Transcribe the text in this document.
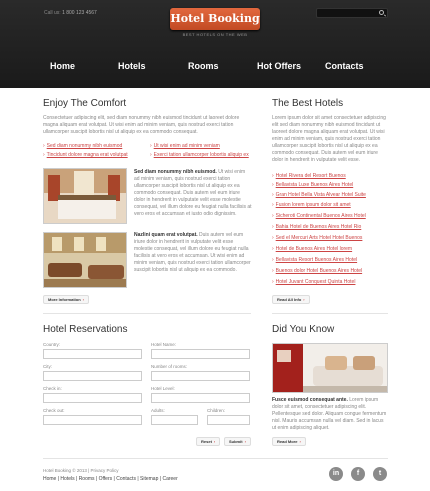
Call us: 1 800 123 4567	Hotel Booking
BEST HOTELS ON THE WEB
Home	Hotels	Rooms	Hot Offers	Contacts
Enjoy The Comfort
Consectetuer adipiscing elit, sed diam nonummy nibh euismod tincidunt ut laoreet dolore magna aliquam erat volutpat. Ut wisi enim ad minim veniam, quis nostrud exerci tation ullamcorper suscipit lobortis nisl ut aliquip ex ea commodo consequat.
› Sed diam nonummy nibh euismod	› Ut wisi enim ad minim veniam
› Tincidunt dolore magna erat volutpat	› Exerci tation ullamcorper lobortis aliquip ex
Sed diam nonummy nibh euismod. Ut wisi enim ad minim veniam, quis nostrud exerci tation ullamcorper suscipit lobortis nisl ut aliquip ex ea commodo consequat. Duis autem vel eum iriure dolor in hendrerit in vulputate velit esse molestie consequat, vel illum dolore eu feugiat nulla facilisis at vero eros et accumsan et iusto odio dignissim.
Nazlini quam erat volutpat. Duis autem vel eum iriure dolor in hendrerit in vulputate velit esse molestie consequat, vel illum dolore eu feugiat nulla facilisis at vero eros et accumsan. Ut wisi enim ad minim veniam, quis nostrud exerci tation ullamcorper suscipit lobortis nisl ut aliquip ex ea commodo.
More Information ›
The Best Hotels
Lorem ipsum dolor sit amet consectetuer adipiscing elit sed diam nonummy nibh euismod tincidunt ut laoreet dolore magna aliquam erat volutpat. Ut wisi enim ad minim veniam, quis nostrud exerci tation ullamcorper suscipit lobortis nisl ut aliquip ex ea commodo consequat. Duis autem vel eum iriure dolor in hendrerit in vulputate velit esse.
› Hotel Rivera del Resort Buenos
› Bellavista Luxe Buenos Aires Hotel
› Gran Hotel Bella Vista Alvear Hotel Suite
› Fusion lorem ipsum dolor sit amet
› Sicheroti Continental Buenos Aires Hotel
› Bahia Hotel de Buenos Aires Hotel Rio
› Sed el Mercuri Arts Hotel Hotel Buenos
› Hotel de Buenos Aires Hotel lorem
› Bellavista Resort Buenos Aires Hotel
› Buenos dolor Hotel Buenos Aires Hotel
› Hotel Juvant Conquest Quinta Hotel
Read All Info ›
Hotel Reservations
Country:	Hotel Name:
City:	Number of rooms:
Check in:	Hotel Level:
Check out:	Adults:	Children:
Reset ›	Submit ›
Did You Know
Fusce euismod consequat ante. Lorem ipsum dolor sit amet, consectetuer adipiscing elit. Pellentesque sed dolor. Aliquam congue fermentum nisl. Mauris accumsan nulla vel diam. Sed in lacus ut enim adipiscing aliquet.
Read More ›
Hotel Booking © 2013 | Privacy Policy
Home | Hotels | Rooms | Offers | Contacts | Sitemap | Career
in	f	t
